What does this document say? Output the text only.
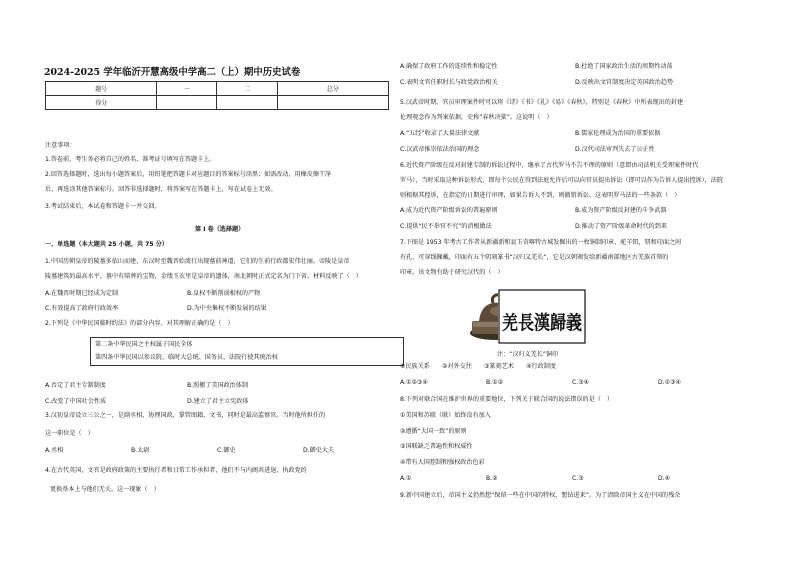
2024-2025 学年临沂开慧高级中学高二（上）期中历史试卷
题号	一	二	总分
得分			
注意事项：
1.答卷前，考生务必将自己的姓名、准考证号填写在答题卡上。
2.回答选择题时，选出每小题答案后，用铅笔把答题卡对应题目的答案标号涂黑；如需改动，用橡皮擦干净
后，再选涂其他答案标号。回答非选择题时，将答案写在答题卡上，写在试卷上无效。
3.考试结束后，本试卷和答题卡一并交回。
第 I 卷（选择题）
一、单选题（本大题共 25 小题，共 75 分）
1.中国历朝皇帝的陵墓多依山而建，东汉时至魏晋始流行出现墓前神道，它们的生前行政都宏伟壮丽。帝陵是皇帝
陵墓建筑的最高水平，墓中有陪葬的宝物，金缕玉衣里是皇帝的遗体，南北朝时正式定名为门下省。材料反映了（　）
A.在魏晋时期已经成为定制	B.皇权不断削弱相权的产物
C.有效提高了政府行政效率	D.为中央集权不断发展的结果
2.下列是《中华民国临时约法》的部分内容，对其理解正确的是（　）
第二条中华民国之主权属于国民全体
第四条中华民国以参议院、临时大总统、国务员、法院行使其统治权
A.否定了君主专制制度	B.照搬了美国政治体制
C.改变了中国社会性质	D.建立了君主立宪政体
3.汉初皇帝设立三公之一，是副丞相，协理国政，掌管图籍、文书，同时是最高监察官。当时他所担任的
这一职位是（　）
A.丞相	B.太尉	C.御史	D.御史大夫
4.在古代英国，文官是政府政策的主要执行者和日常工作承担者，他们不与内阁共进退，执政党的
更换基本上与他们无关。这一现象（　）
A.确保了政府工作的连续性和稳定性	B.杜绝了国家政治生活的周期性动荡
C.表明文官任职时长与政党政治相关	D.反映出文官制度决定英国政治趋势
5.汉武帝时期，官员审理案件时可以将《诗》《书》《礼》《易》《春秋》，特别是《春秋》中所表现出的封建
伦理观念作为判案依据，史称“春秋决狱”。这说明（　）
A.“五经”收录了大量法律文献	B.儒家伦理成为治国的重要依据
C.汉武帝推崇依法治国的理念	D.汉代司法审判失去了公正性
6.近代资产阶级在反对封建专制的诉讼过程中，继承了古代罗马不告不理的原则（意即由司法机关受理案件时代
罗马），当时采取这种诉讼形式，即每个公民在得到法庭允许后可以向官员提出诉讼（即可以作为告诉人提出控诉），法院
则根据其控诉，在指定的日期进行审理，如果告诉人不到，则撤销诉讼。这表明罗马法的一些条款（　）
A.成为近代资产阶级诉讼的普遍原则	B.成为资产阶级反封建的斗争武器
C.提供“民不举官不究”的消极做法	D.推动了资产阶级革命时代的到来
7.下图是 1953 年考古工作者从新疆新和县玉奇喀特古城发掘出的一枚铜制印章，驼羊钮，钮和印面之间
有孔，可穿线佩戴，印面有五个阴刻篆书“汉归义羌长”，它是汉朝颁发给新疆南部地区古羌族首领的
印章。该文物有助于研究汉代的（　）
羌長漢歸義
注：“汉归义羌长”铜印
①民族关系　　②对外交往　　③篆刻艺术　　④行政制度
A.①②③④	B.①②	C.③④	D.①③④
8.下列对联合国在维护世界的重要地位，下列关于联合国的说法错误的是（　）
①美国和苏联（联）始终没有加入
②遵循“大国一致”的原则
③国联缺乏普遍性和权威性
④带有大国控制和强权政治色彩
A.①	B.②	C.③	D.④
9.新中国建立后，帝国主义仍然想“保留一些在中国的特权，想钻进来”。为了清除帝国主义在中国的残余
